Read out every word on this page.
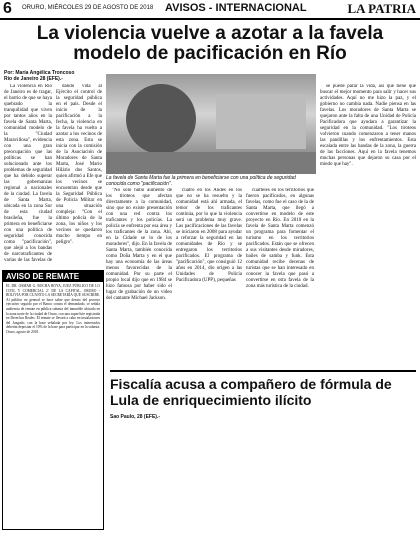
6 ORURO, MIÉRCOLES 29 DE AGOSTO DE 2018 AVISOS - INTERNACIONAL	LA PATRIA
La violencia vuelve a azotar a la favela modelo de pacificación en Río
Por: María Angélica Troncoso
Río de Janeiro 28 (EFE).-

La violencia en Río de Janeiro es de tragar, el barrio de que se haya quebrado la tranquilidad que viven por tantos años en la favela de Santa Marta, comunidad modelo de la "Ciudad Maravillosa", evidencia con una gran preocupación que las políticas se han solucionado ante los problemas de seguridad que ha debido superar las gobernanzas regional a nacionales de la ciudad. La favela de Santa Marta, ubicada en la zona Sur de esta ciudad brasileña, fue la primera en beneficiarse con una política de seguridad conocida como "pacificación", que alejó a los bandas de narcotraficantes de varias de las favelas de

dando vida al Ejército el control de la seguridad pública en el país. Desde el inicio de la pacificación a la fecha, la violencia en la favela ha vuelto a azotar a los vecinos de esta zona. Esta se inicia con la comisión de la Asociación de Moradores de Santa Marta, José Mario Hilário dos Santos, quien afirmó a Efe que los vecinos se encuentran desde que la Seguridad Pública de Policía Militar en una situación compleja: "Con el último policía de la zona, los niños y los vecinos se quedaron mucho tiempo en peligro".

La favela de Santa Marta fue la primera en beneficiarse con una política de seguridad conocida como "pacificación".

"No solo hubo aumento de los tiroteos que afectan directamente a la comunidad, sino que no existe presentación con una red contra los traficantes y los policías. La policía se enfrenta por esa área y los traficantes de la zona. Ahí, en la Cidade se lo de los moradores", dijo. En la favela de Santa Marta, también conocida como Doña Marta y en el que hay una economía de las áreas menos favorecidas de la comunidad. Por su parte el propio local dijo que en 1984 se hizo famosa por haber sido el lugar de grabación de un video del cantante Michael Jackson.

cuatro en los Andes en los que no se ha resuelto y la comunidad está ahí armada, el temor de los traficantes continúa, por lo que la violencia será un problema muy grave. Las pacificaciones de las favelas se iniciaron en 2008 para ayudar a reforzar la seguridad en las comunidades de Río y se entregaron los territorios pacificados. El programa de "pacificación", que consiguió 12 años en 2014, dio origen a las Unidades de Policía Pacificadora (UPP), pequeñas

cuarteles en los territorios que fueron pacificados, en algunas favelas, como fue el caso de la de Santa Marta, que llegó a convertirse en modelo de este proyecto en Río. En 2010 en la favela de Santa Marta comenzó un programa para fomentar el turismo en los territorios pacificados. Están que se ofrecen a sus visitantes desde miradores, bailes de samba y funk. Esta comunidad recibe decenas de turistas que se han interesado en conocer la favela que pasó a convertirse en otra favela de la zona más turística de la ciudad.

se puede parar la vida, así que tiene que buscar el mejor momento para salir y hacer sus actividades. Aquí no me hizo la paz, y el gobierno no cambia nada. Nadie piensa en las favelas. Los moradores de Santa Marta se quejaron ante la falta de una Unidad de Policía Pacificadora que ayudara a garantizar la seguridad en la comunidad. "Los tiroteos volvieron cuando comenzaron a tener manos las pandillas y los enfrentamientos. Esta escalada entre las bandas de la zona, la guerra de las facciones. Aquí en la favela tenemos muchas personas que dejaron su casa por el miedo que hay".

AVISO DE REMATE
EL DR. OSMAR G. ROCHA BOYA, JUEZ PÚBLICO DE LO CIVIL Y COMERCIAL 2º DE LA CAPITAL, ORURO - BOLIVIA POR CUANTO LA SECRETARÍA QUE SUSCRIBE. Al público en general se hace saber que dentro del proceso ejecutivo seguido por el Banco contra el demandado, se señala audiencia de remate en pública subasta del inmueble ubicado en la zona norte de la ciudad de Oruro, con una superficie registrada en Derechos Reales. El remate se llevará a cabo en instalaciones del Juzgado, con la base señalada por ley. Los interesados deberán depositar el 10% de la base para participar en la subasta. Oruro, agosto de 2018.
Fiscalía acusa a compañero de fórmula de Lula de enriquecimiento ilícito
Sao Paulo, 28 (EFE).-
